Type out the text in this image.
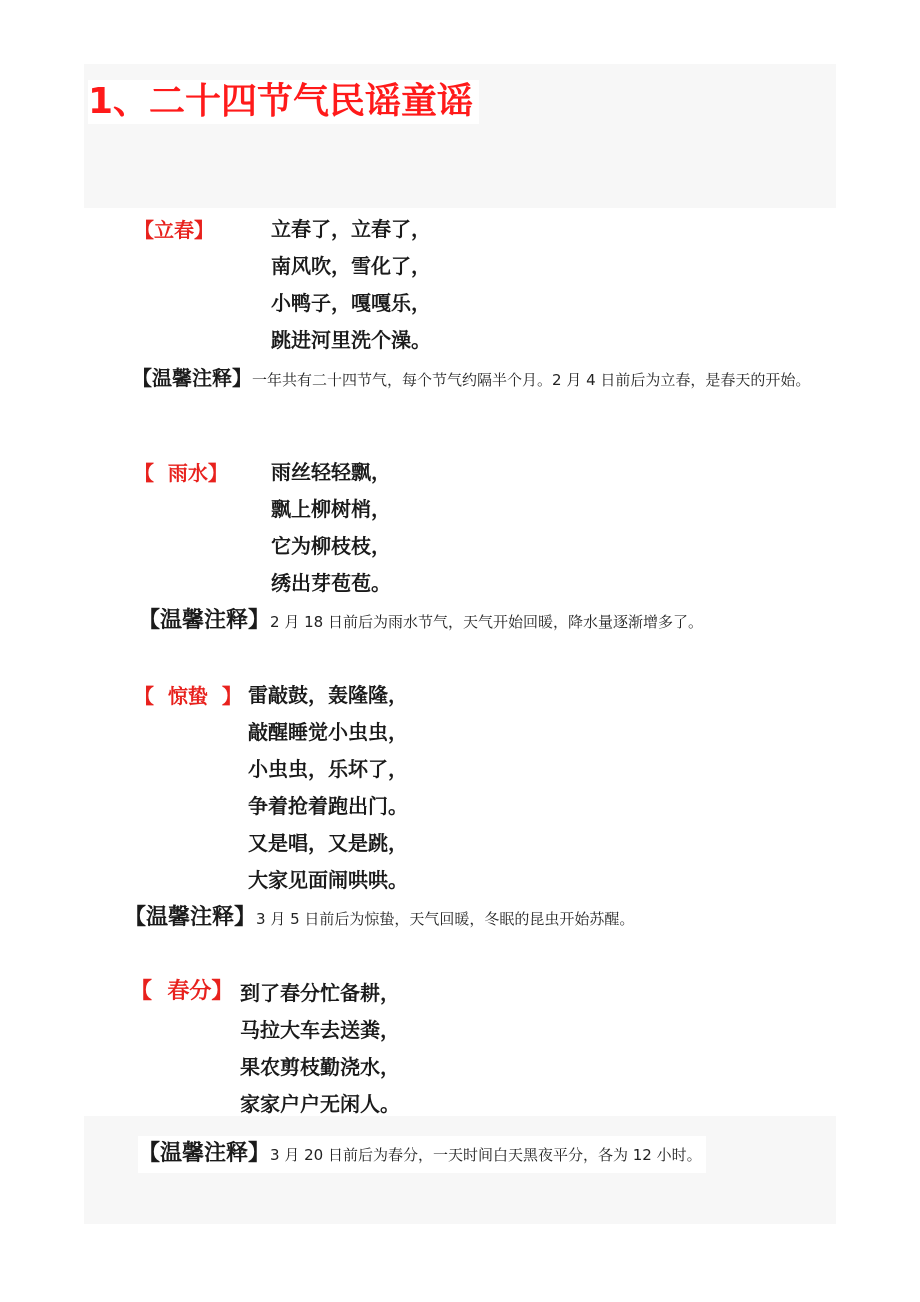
1、二十四节气民谣童谣
【立春】	立春了，立春了，
南风吹，雪化了，
小鸭子，嘎嘎乐，
跳进河里洗个澡。
【温馨注释】一年共有二十四节气，每个节气约隔半个月。2 月 4 日前后为立春，是春天的开始。
【  雨水】 雨丝轻轻飘，
飘上柳树梢，
它为柳枝枝，
绣出芽苞苞。
【温馨注释】2 月 18 日前后为雨水节气，天气开始回暖，降水量逐渐增多了。
【  惊蛰  】 雷敲鼓，轰隆隆，
敲醒睡觉小虫虫，
小虫虫，乐坏了，
争着抢着跑出门。
又是唱，又是跳，
大家见面闹哄哄。
【温馨注释】3 月 5 日前后为惊蛰，天气回暖，冬眠的昆虫开始苏醒。
【  春分】 到了春分忙备耕，
马拉大车去送粪，
果农剪枝勤浇水，
家家户户无闲人。
【温馨注释】3 月 20 日前后为春分，一天时间白天黑夜平分，各为 12 小时。
